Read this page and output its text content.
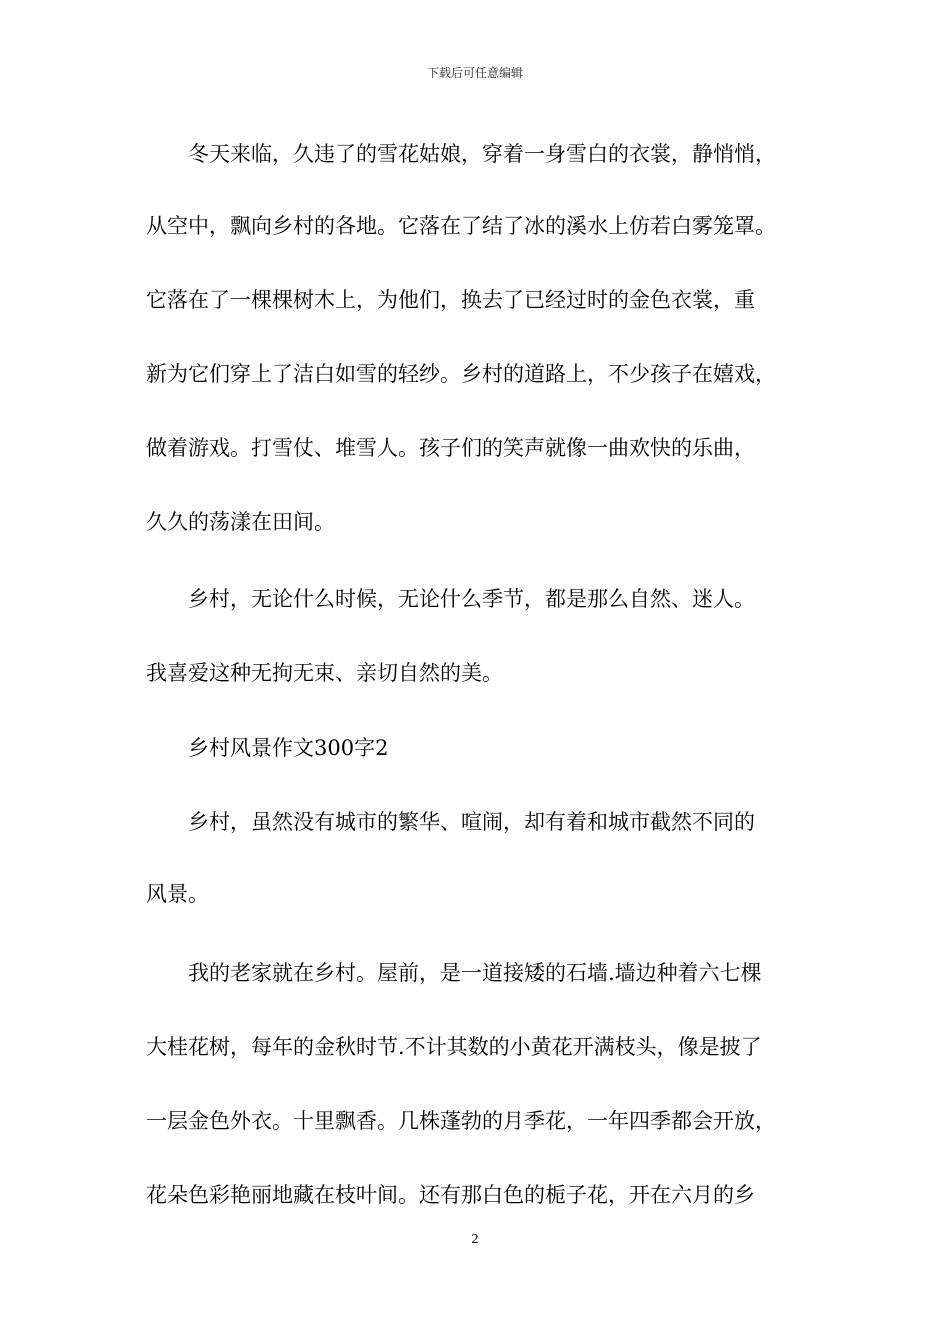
下载后可任意编辑
　　冬天来临，久违了的雪花姑娘，穿着一身雪白的衣裳，静悄悄，
从空中，飘向乡村的各地。它落在了结了冰的溪水上仿若白雾笼罩。
它落在了一棵棵树木上，为他们，换去了已经过时的金色衣裳，重
新为它们穿上了洁白如雪的轻纱。乡村的道路上，不少孩子在嬉戏，
做着游戏。打雪仗、堆雪人。孩子们的笑声就像一曲欢快的乐曲，
久久的荡漾在田间。
　　乡村，无论什么时候，无论什么季节，都是那么自然、迷人。
我喜爱这种无拘无束、亲切自然的美。
　　乡村风景作文300字2
　　乡村，虽然没有城市的繁华、喧闹，却有着和城市截然不同的
风景。
　　我的老家就在乡村。屋前，是一道接矮的石墙.墙边种着六七棵
大桂花树，每年的金秋时节.不计其数的小黄花开满枝头，像是披了
一层金色外衣。十里飘香。几株蓬勃的月季花，一年四季都会开放，
花朵色彩艳丽地藏在枝叶间。还有那白色的栀子花，开在六月的乡
2
